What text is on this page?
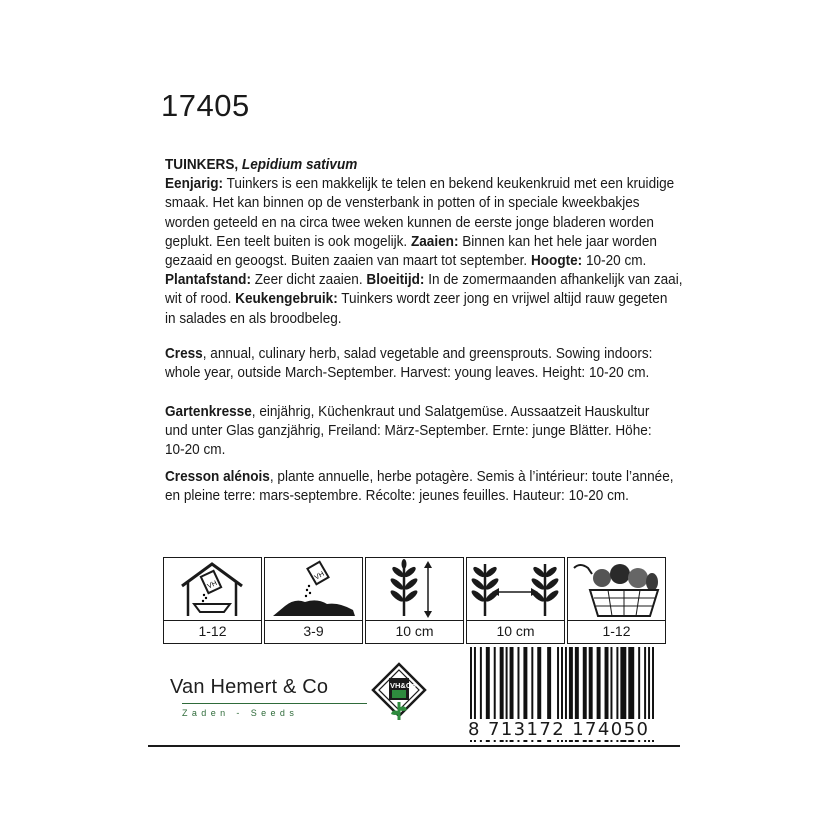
17405
TUINKERS, Lepidium sativum
Eenjarig: Tuinkers is een makkelijk te telen en bekend keukenkruid met een kruidige
smaak. Het kan binnen op de vensterbank in potten of in speciale kweekbakjes
worden geteeld en na circa twee weken kunnen de eerste jonge bladeren worden
geplukt. Een teelt buiten is ook mogelijk. Zaaien: Binnen kan het hele jaar worden
gezaaid en geoogst. Buiten zaaien van maart tot september. Hoogte: 10-20 cm.
Plantafstand: Zeer dicht zaaien. Bloeitijd: In de zomermaanden afhankelijk van zaai,
wit of rood. Keukengebruik: Tuinkers wordt zeer jong en vrijwel altijd rauw gegeten
in salades en als broodbeleg.
Cress, annual, culinary herb, salad vegetable and greensprouts. Sowing indoors:
whole year, outside March-September. Harvest: young leaves. Height: 10-20 cm.
Gartenkresse, einjährig, Küchenkraut und Salatgemüse. Aussaatzeit Hauskultur
und unter Glas ganzjährig, Freiland: März-September. Ernte: junge Blätter. Höhe:
10-20 cm.
Cresson alénois, plante annuelle, herbe potagère. Semis à l’intérieur: toute l’année,
en pleine terre: mars-septembre. Récolte: jeunes feuilles. Hauteur: 10-20 cm.
VH
1-12
VH
3-9	10 cm	10 cm	1-12
Van Hemert & Co
Zaden - Seeds
VH&Co
8 713172 174050
